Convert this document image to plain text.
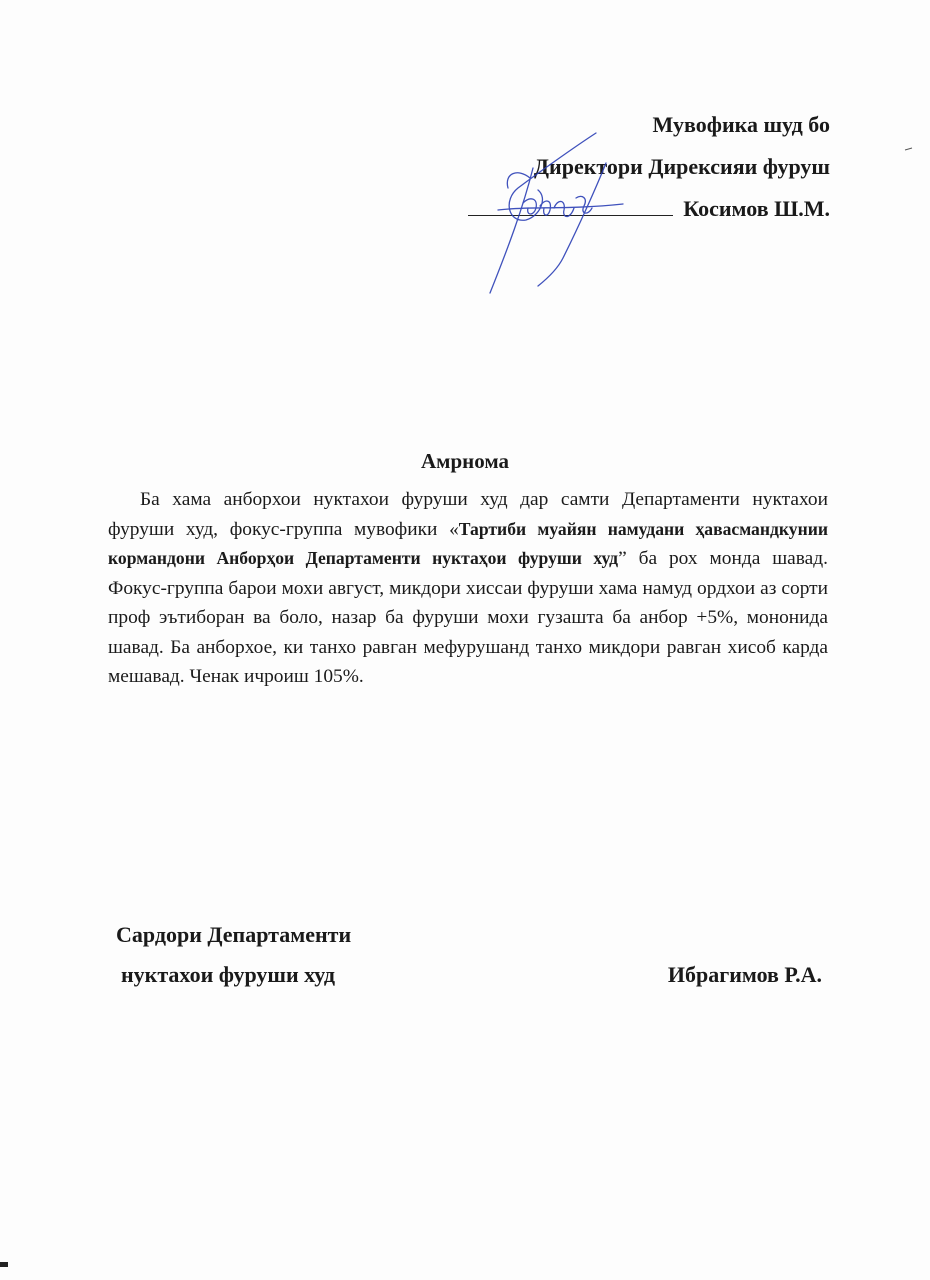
Мувофика шуд бо
Директори Дирексияи фуруш
Косимов Ш.М.
Амрнома
Ба хама анборхои нуктахои фуруши худ дар самти Департаменти нуктахои фуруши худ, фокус-группа мувофики «Тартиби муайян намудани ҳавасмандкунии кормандони Анборҳои Департаменти нуктаҳои фуруши худ” ба рох монда шавад. Фокус-группа барои мохи август, микдори хиссаи фуруши хама намуд ордхои аз сорти проф эътиборан ва боло, назар ба фуруши мохи гузашта ба анбор +5%, мононида шавад. Ба анборхое, ки танхо равган мефурушанд танхо микдори равган хисоб карда мешавад. Ченак ичроиш 105%.
Сардори Департаменти
нуктахои фуруши худ	Ибрагимов Р.А.
